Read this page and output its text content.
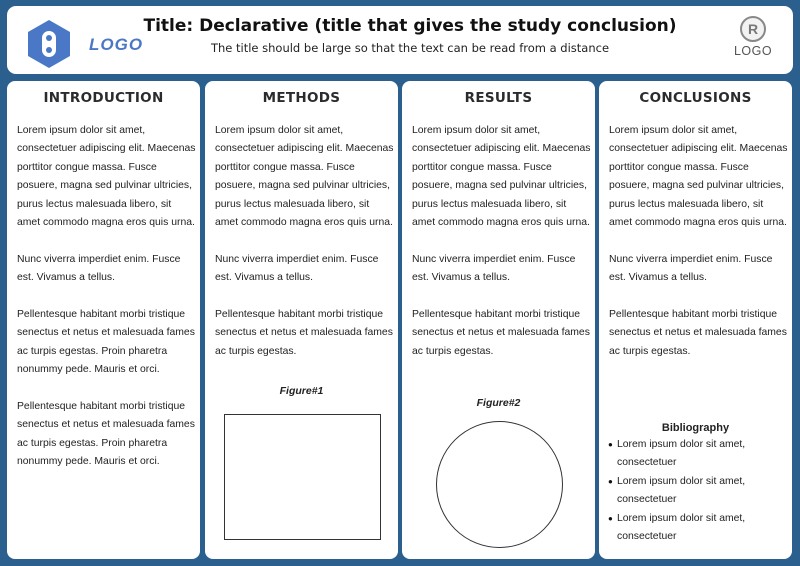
LOGO
Title: Declarative (title that gives the study conclusion)
The title should be large so that the text can be read from a distance
R
LOGO
INTRODUCTION

Lorem ipsum dolor sit amet, consectetuer adipiscing elit. Maecenas porttitor congue massa. Fusce posuere, magna sed pulvinar ultricies, purus lectus malesuada libero, sit amet commodo magna eros quis urna.

Nunc viverra imperdiet enim. Fusce est. Vivamus a tellus.

Pellentesque habitant morbi tristique senectus et netus et malesuada fames ac turpis egestas. Proin pharetra nonummy pede. Mauris et orci.

Pellentesque habitant morbi tristique senectus et netus et malesuada fames ac turpis egestas. Proin pharetra nonummy pede. Mauris et orci.

METHODS

Lorem ipsum dolor sit amet, consectetuer adipiscing elit. Maecenas porttitor congue massa. Fusce posuere, magna sed pulvinar ultricies, purus lectus malesuada libero, sit amet commodo magna eros quis urna.

Nunc viverra imperdiet enim. Fusce est. Vivamus a tellus.

Pellentesque habitant morbi tristique senectus et netus et malesuada fames ac turpis egestas.

Figure#1
RESULTS

Lorem ipsum dolor sit amet, consectetuer adipiscing elit. Maecenas porttitor congue massa. Fusce posuere, magna sed pulvinar ultricies, purus lectus malesuada libero, sit amet commodo magna eros quis urna.

Nunc viverra imperdiet enim. Fusce est. Vivamus a tellus.

Pellentesque habitant morbi tristique senectus et netus et malesuada fames ac turpis egestas.

Figure#2
CONCLUSIONS

Lorem ipsum dolor sit amet, consectetuer adipiscing elit. Maecenas porttitor congue massa. Fusce posuere, magna sed pulvinar ultricies, purus lectus malesuada libero, sit amet commodo magna eros quis urna.

Nunc viverra imperdiet enim. Fusce est. Vivamus a tellus.

Pellentesque habitant morbi tristique senectus et netus et malesuada fames ac turpis egestas.

Bibliography
● Lorem ipsum dolor sit amet, consectetuer
● Lorem ipsum dolor sit amet, consectetuer
● Lorem ipsum dolor sit amet, consectetuer
